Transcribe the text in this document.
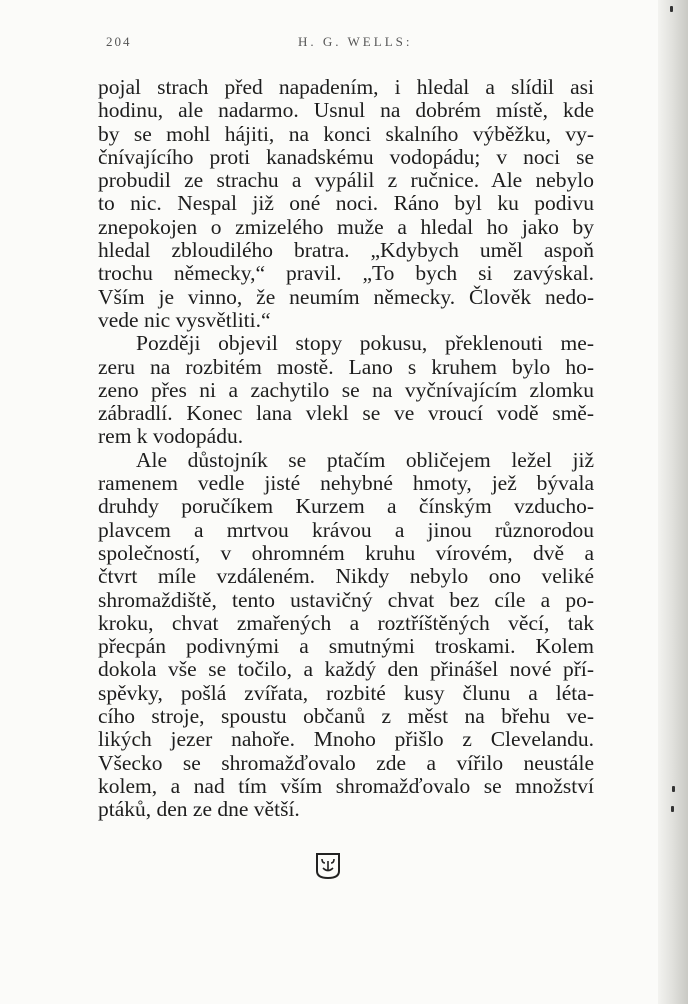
204	H. G. WELLS:
pojal strach před napadením, i hledal a slídil asi
hodinu, ale nadarmo. Usnul na dobrém místě, kde
by se mohl hájiti, na konci skalního výběžku, vy-
čnívajícího proti kanadskému vodopádu; v noci se
probudil ze strachu a vypálil z ručnice. Ale nebylo
to nic. Nespal již oné noci. Ráno byl ku podivu
znepokojen o zmizelého muže a hledal ho jako by
hledal zbloudilého bratra. „Kdybych uměl aspoň
trochu německy,“ pravil. „To bych si zavýskal.
Vším je vinno, že neumím německy. Člověk nedo-
vede nic vysvětliti.“
Později objevil stopy pokusu, překlenouti me-
zeru na rozbitém mostě. Lano s kruhem bylo ho-
zeno přes ni a zachytilo se na vyčnívajícím zlomku
zábradlí. Konec lana vlekl se ve vroucí vodě smě-
rem k vodopádu.
Ale důstojník se ptačím obličejem ležel již
ramenem vedle jisté nehybné hmoty, jež bývala
druhdy poručíkem Kurzem a čínským vzducho-
plavcem a mrtvou krávou a jinou různorodou
společností, v ohromném kruhu vírovém, dvě a
čtvrt míle vzdáleném. Nikdy nebylo ono veliké
shromaždiště, tento ustavičný chvat bez cíle a po-
kroku, chvat zmařených a roztříštěných věcí, tak
přecpán podivnými a smutnými troskami. Kolem
dokola vše se točilo, a každý den přinášel nové pří-
spěvky, pošlá zvířata, rozbité kusy člunu a léta-
cího stroje, spoustu občanů z měst na břehu ve-
likých jezer nahoře. Mnoho přišlo z Clevelandu.
Všecko se shromažďovalo zde a vířilo neustále
kolem, a nad tím vším shromažďovalo se množství
ptáků, den ze dne větší.
